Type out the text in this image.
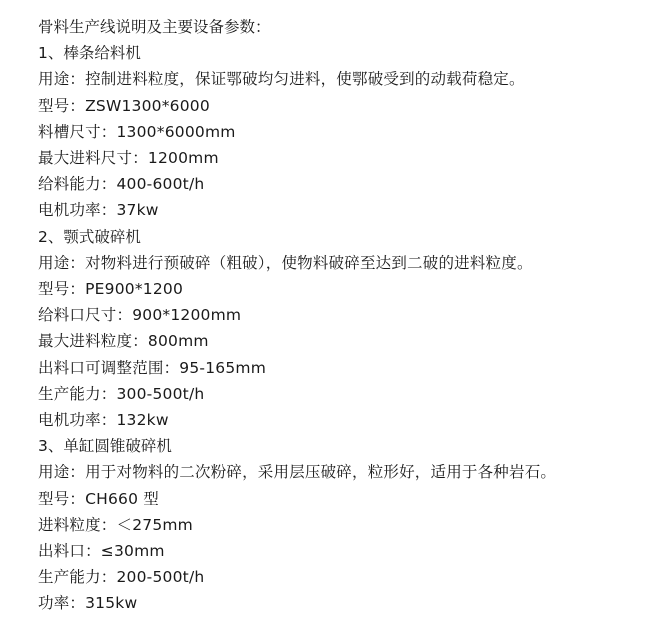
骨料生产线说明及主要设备参数：
1、棒条给料机
用途：控制进料粒度，保证鄂破均匀进料，使鄂破受到的动载荷稳定。
型号：ZSW1300*6000
料槽尺寸：1300*6000mm
最大进料尺寸：1200mm
给料能力：400-600t/h
电机功率：37kw
2、颚式破碎机
用途：对物料进行预破碎（粗破），使物料破碎至达到二破的进料粒度。
型号：PE900*1200
给料口尺寸：900*1200mm
最大进料粒度：800mm
出料口可调整范围：95-165mm
生产能力：300-500t/h
电机功率：132kw
3、单缸圆锥破碎机
用途：用于对物料的二次粉碎，采用层压破碎，粒形好，适用于各种岩石。
型号：CH660 型
进料粒度：＜275mm
出料口：≤30mm
生产能力：200-500t/h
功率：315kw
